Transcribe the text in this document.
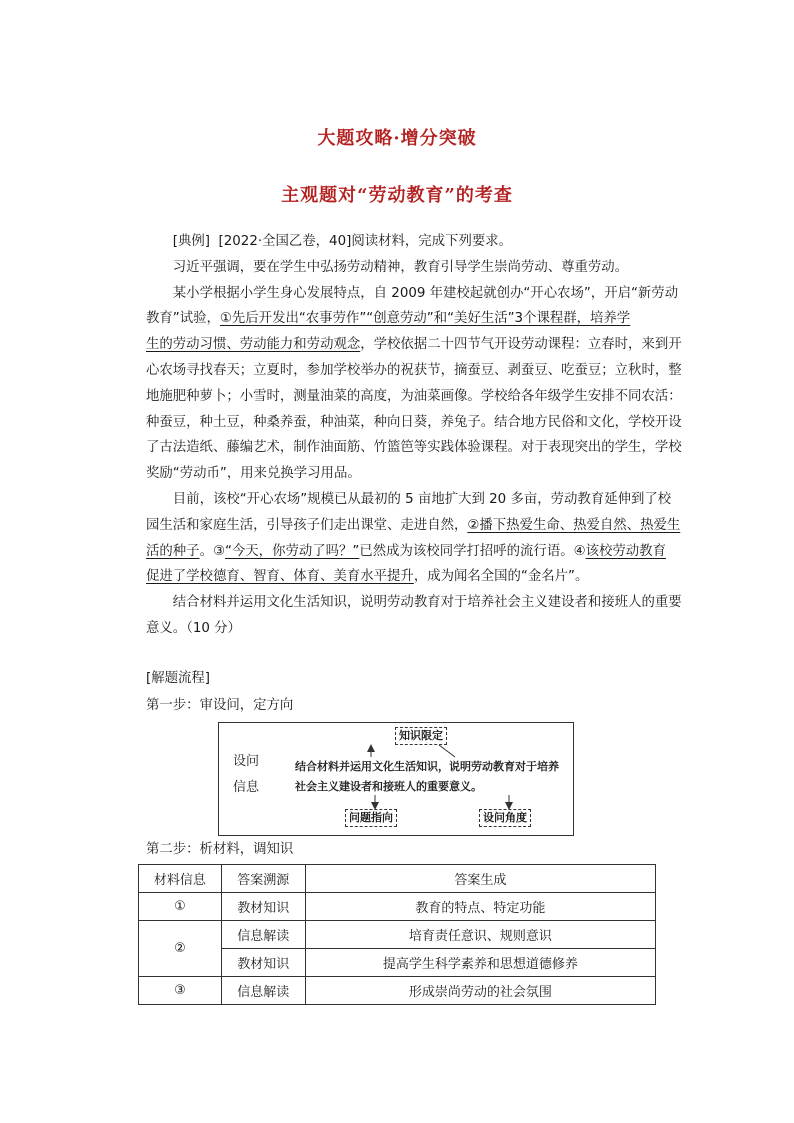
大题攻略·增分突破
主观题对“劳动教育”的考查
[典例] [2022·全国乙卷，40]阅读材料，完成下列要求。
习近平强调，要在学生中弘扬劳动精神，教育引导学生崇尚劳动、尊重劳动。
某小学根据小学生身心发展特点，自 2009 年建校起就创办“开心农场”，开启“新劳动
教育”试验，①先后开发出“农事劳作”“创意劳动”和“美好生活”3个课程群，培养学
生的劳动习惯、劳动能力和劳动观念，学校依据二十四节气开设劳动课程：立春时，来到开
心农场寻找春天；立夏时，参加学校举办的祝获节，摘蚕豆、剥蚕豆、吃蚕豆；立秋时，整
地施肥种萝卜；小雪时，测量油菜的高度，为油菜画像。学校给各年级学生安排不同农活：
种蚕豆，种土豆，种桑养蚕，种油菜，种向日葵，养兔子。结合地方民俗和文化，学校开设
了古法造纸、藤编艺术，制作油面筋、竹篮笆等实践体验课程。对于表现突出的学生，学校
奖励“劳动币”，用来兑换学习用品。
目前，该校“开心农场”规模已从最初的 5 亩地扩大到 20 多亩，劳动教育延伸到了校
园生活和家庭生活，引导孩子们走出课堂、走进自然，②播下热爱生命、热爱自然、热爱生
活的种子。③“今天，你劳动了吗？”已然成为该校同学打招呼的流行语。④该校劳动教育
促进了学校德育、智育、体育、美育水平提升，成为闻名全国的“金名片”。
结合材料并运用文化生活知识，说明劳动教育对于培养社会主义建设者和接班人的重要
意义。（10 分）
[解题流程]
第一步：审设问，定方向
设问信息
结合材料并运用文化生活知识，说明劳动教育对于培养社会主义建设者和接班人的重要意义。
知识限定
问题指向	设问角度
第二步：析材料，调知识
材料信息	答案溯源	答案生成
①	教材知识	教育的特点、特定功能
②	信息解读	培育责任意识、规则意识
	教材知识	提高学生科学素养和思想道德修养
③	信息解读	形成崇尚劳动的社会氛围
